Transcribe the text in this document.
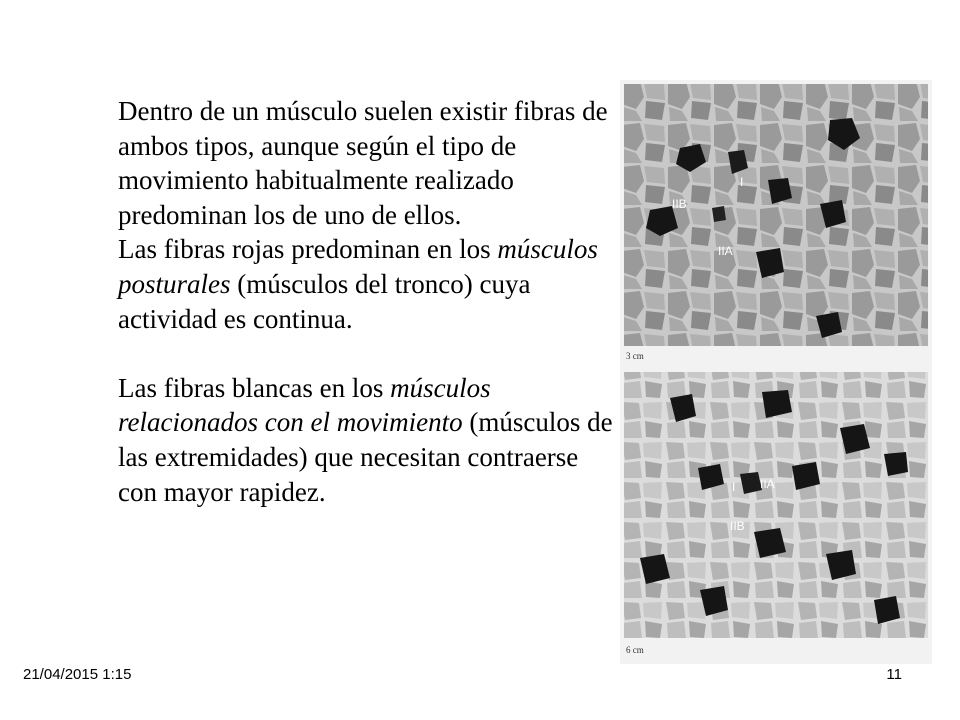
Dentro de un músculo suelen existir fibras de ambos tipos, aunque según el tipo de movimiento habitualmente realizado predominan los de uno de ellos.

Las fibras rojas predominan en los músculos posturales (músculos del tronco) cuya actividad es continua.

Las fibras blancas en los músculos relacionados con el movimiento (músculos de las extremidades) que necesitan contraerse con mayor rapidez.

IIB
I
IIA
3 cm
I IIA
IIB
6 cm
21/04/2015 1:15	11
